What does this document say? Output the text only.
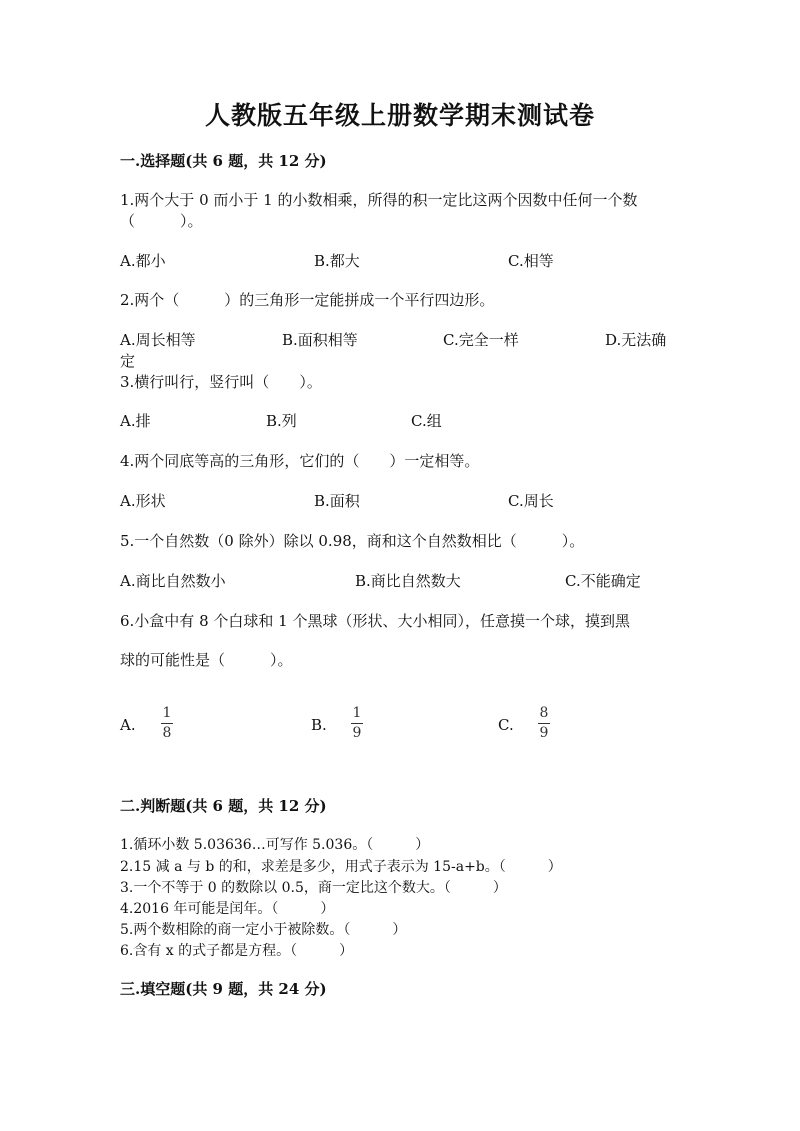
人教版五年级上册数学期末测试卷
一.选择题(共 6 题，共 12 分)
1.两个大于 0 而小于 1 的小数相乘，所得的积一定比这两个因数中任何一个数
（　　　）。
A.都小	B.都大	C.相等
2.两个（　　　）的三角形一定能拼成一个平行四边形。
A.周长相等	B.面积相等	C.完全一样	D.无法确
定
3.横行叫行，竖行叫（　　）。
A.排	B.列	C.组
4.两个同底等高的三角形，它们的（　　）一定相等。
A.形状	B.面积	C.周长
5.一个自然数（0 除外）除以 0.98，商和这个自然数相比（　　　）。
A.商比自然数小	B.商比自然数大	C.不能确定
6.小盒中有 8 个白球和 1 个黑球（形状、大小相同），任意摸一个球，摸到黑
球的可能性是（　　　）。
A.
1
8	B.
1
9	C.
8
9
二.判断题(共 6 题，共 12 分)
1.循环小数 5.03636…可写作 5.036。（　　　）
2.15 减 a 与 b 的和，求差是多少，用式子表示为 15-a+b。（　　　）
3.一个不等于 0 的数除以 0.5，商一定比这个数大。（　　　）
4.2016 年可能是闰年。（　　　）
5.两个数相除的商一定小于被除数。（　　　）
6.含有 x 的式子都是方程。（　　　）
三.填空题(共 9 题，共 24 分)
